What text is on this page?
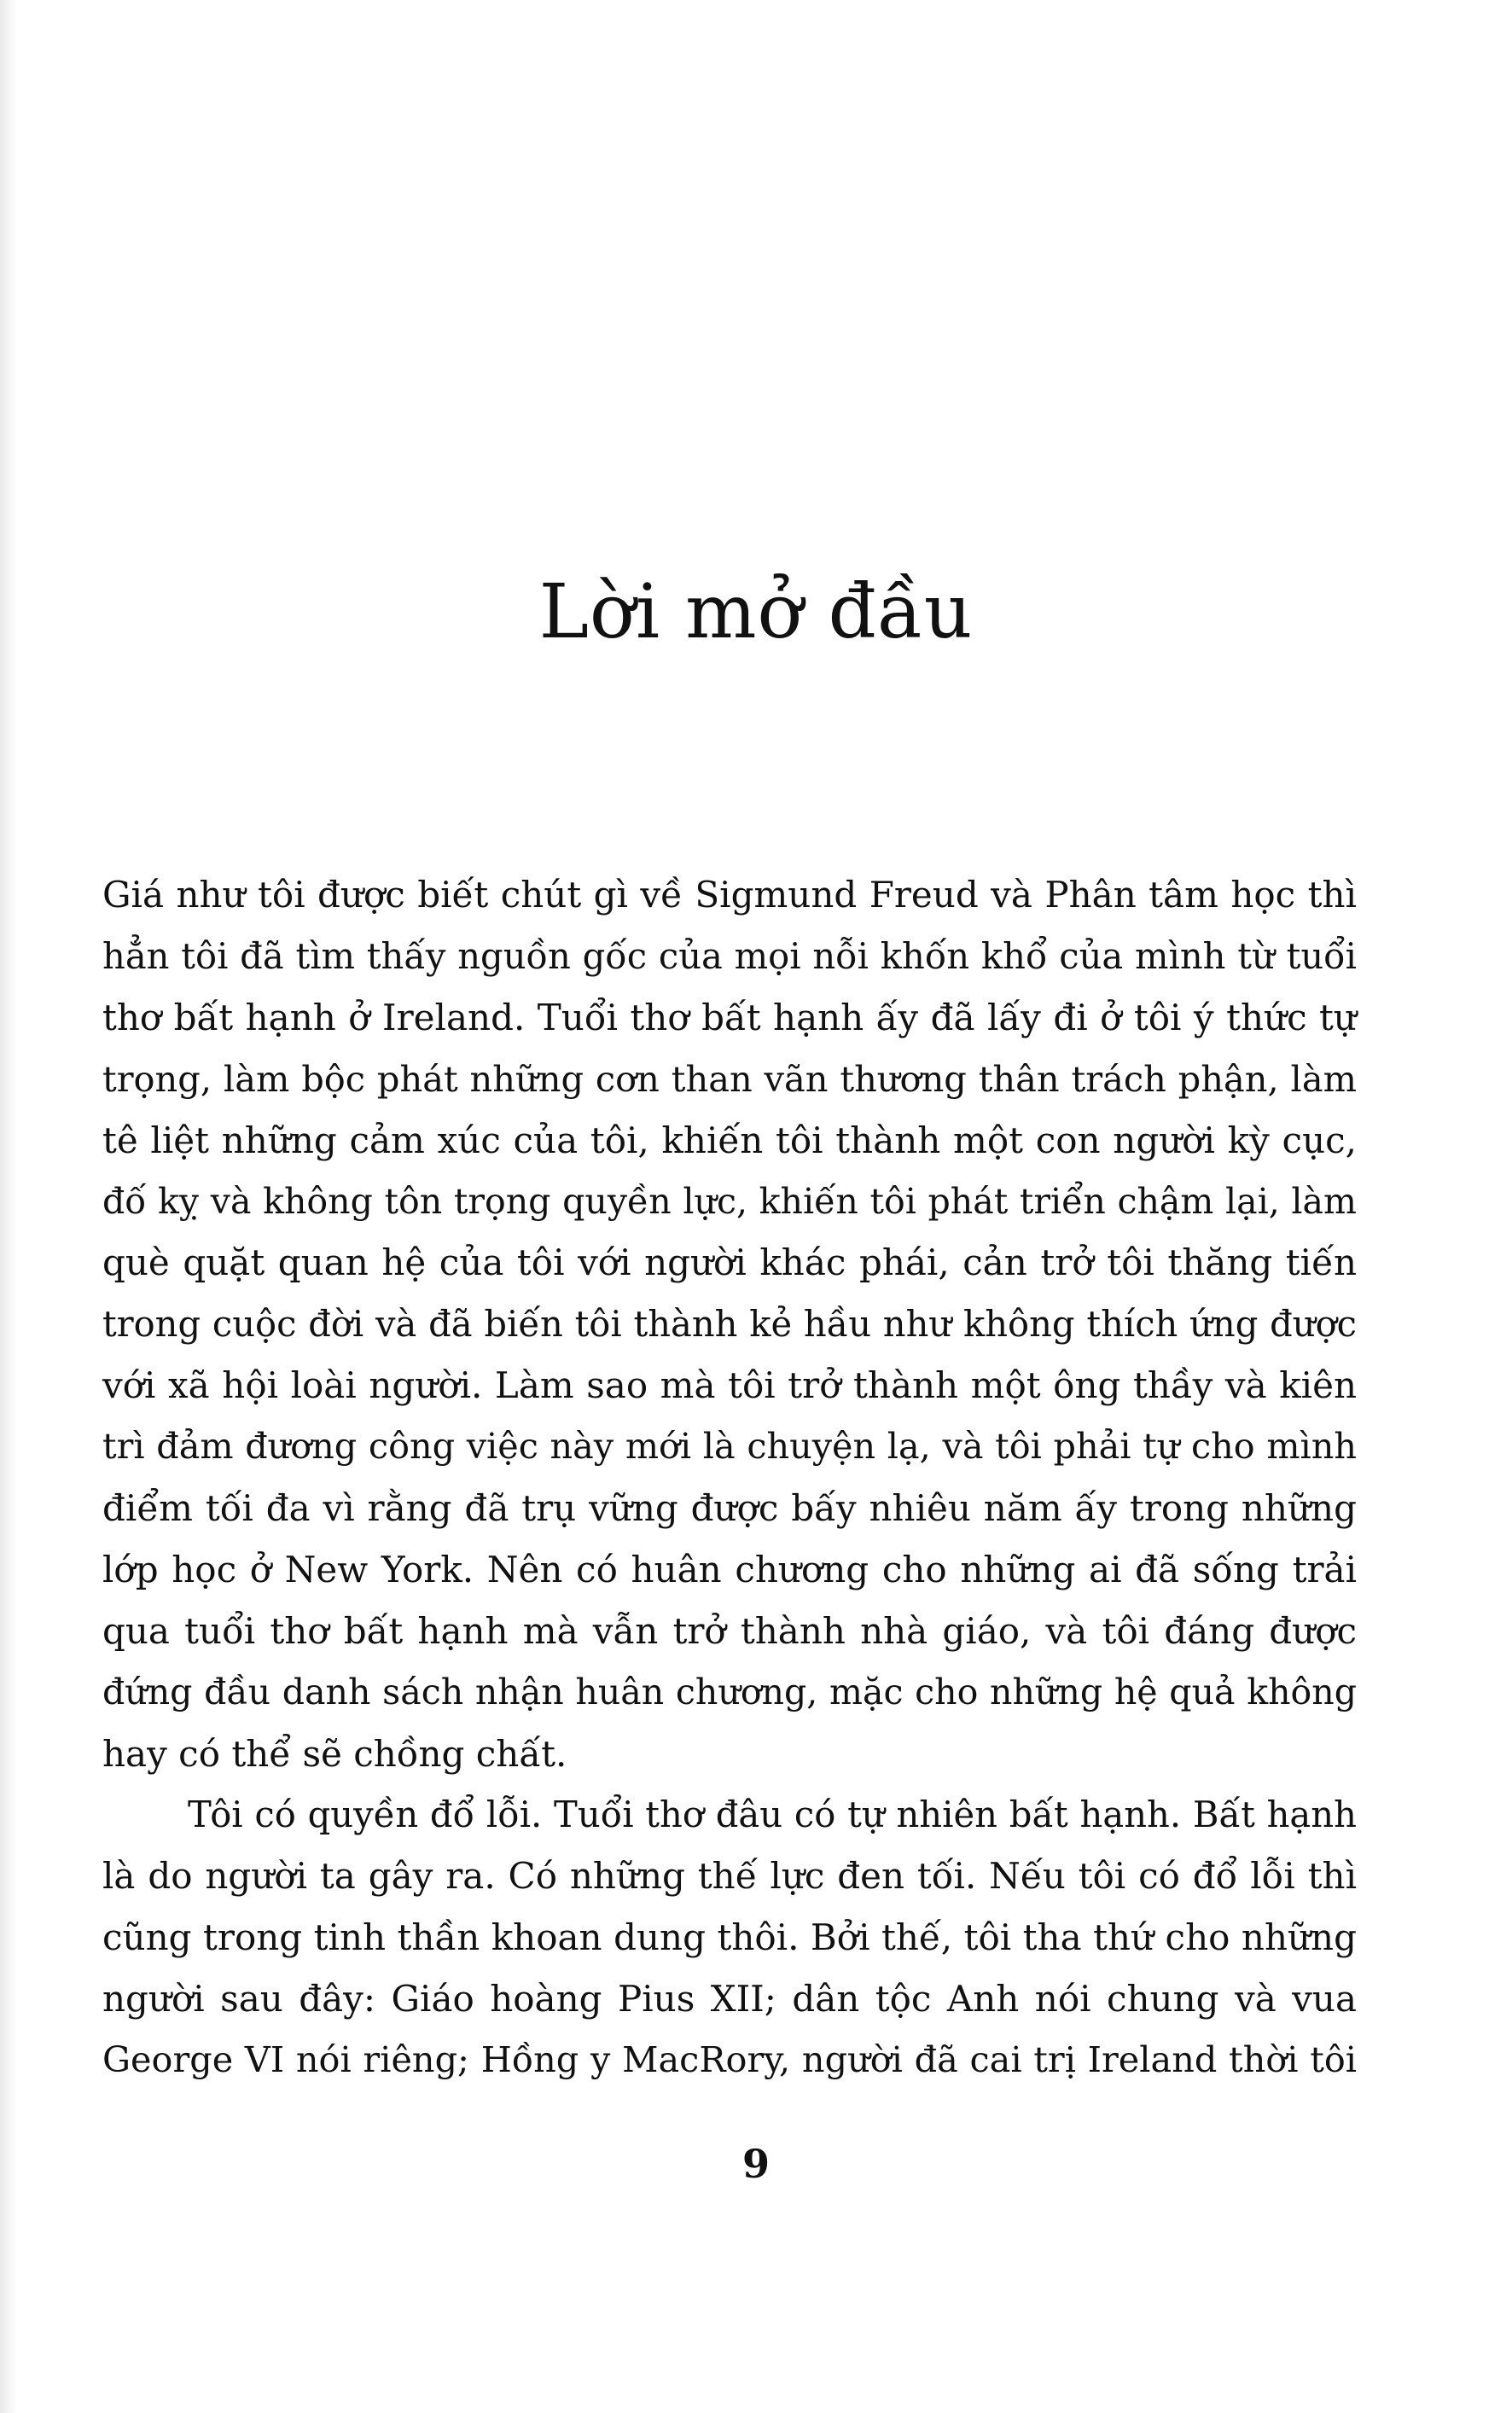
Lời mở đầu
Giá như tôi được biết chút gì về Sigmund Freud và Phân tâm học thì
hẳn tôi đã tìm thấy nguồn gốc của mọi nỗi khốn khổ của mình từ tuổi
thơ bất hạnh ở Ireland. Tuổi thơ bất hạnh ấy đã lấy đi ở tôi ý thức tự
trọng, làm bộc phát những cơn than vãn thương thân trách phận, làm
tê liệt những cảm xúc của tôi, khiến tôi thành một con người kỳ cục,
đố kỵ và không tôn trọng quyền lực, khiến tôi phát triển chậm lại, làm
què quặt quan hệ của tôi với người khác phái, cản trở tôi thăng tiến
trong cuộc đời và đã biến tôi thành kẻ hầu như không thích ứng được
với xã hội loài người. Làm sao mà tôi trở thành một ông thầy và kiên
trì đảm đương công việc này mới là chuyện lạ, và tôi phải tự cho mình
điểm tối đa vì rằng đã trụ vững được bấy nhiêu năm ấy trong những
lớp học ở New York. Nên có huân chương cho những ai đã sống trải
qua tuổi thơ bất hạnh mà vẫn trở thành nhà giáo, và tôi đáng được
đứng đầu danh sách nhận huân chương, mặc cho những hệ quả không
hay có thể sẽ chồng chất.
Tôi có quyền đổ lỗi. Tuổi thơ đâu có tự nhiên bất hạnh. Bất hạnh
là do người ta gây ra. Có những thế lực đen tối. Nếu tôi có đổ lỗi thì
cũng trong tinh thần khoan dung thôi. Bởi thế, tôi tha thứ cho những
người sau đây: Giáo hoàng Pius XII; dân tộc Anh nói chung và vua
George VI nói riêng; Hồng y MacRory, người đã cai trị Ireland thời tôi
9
